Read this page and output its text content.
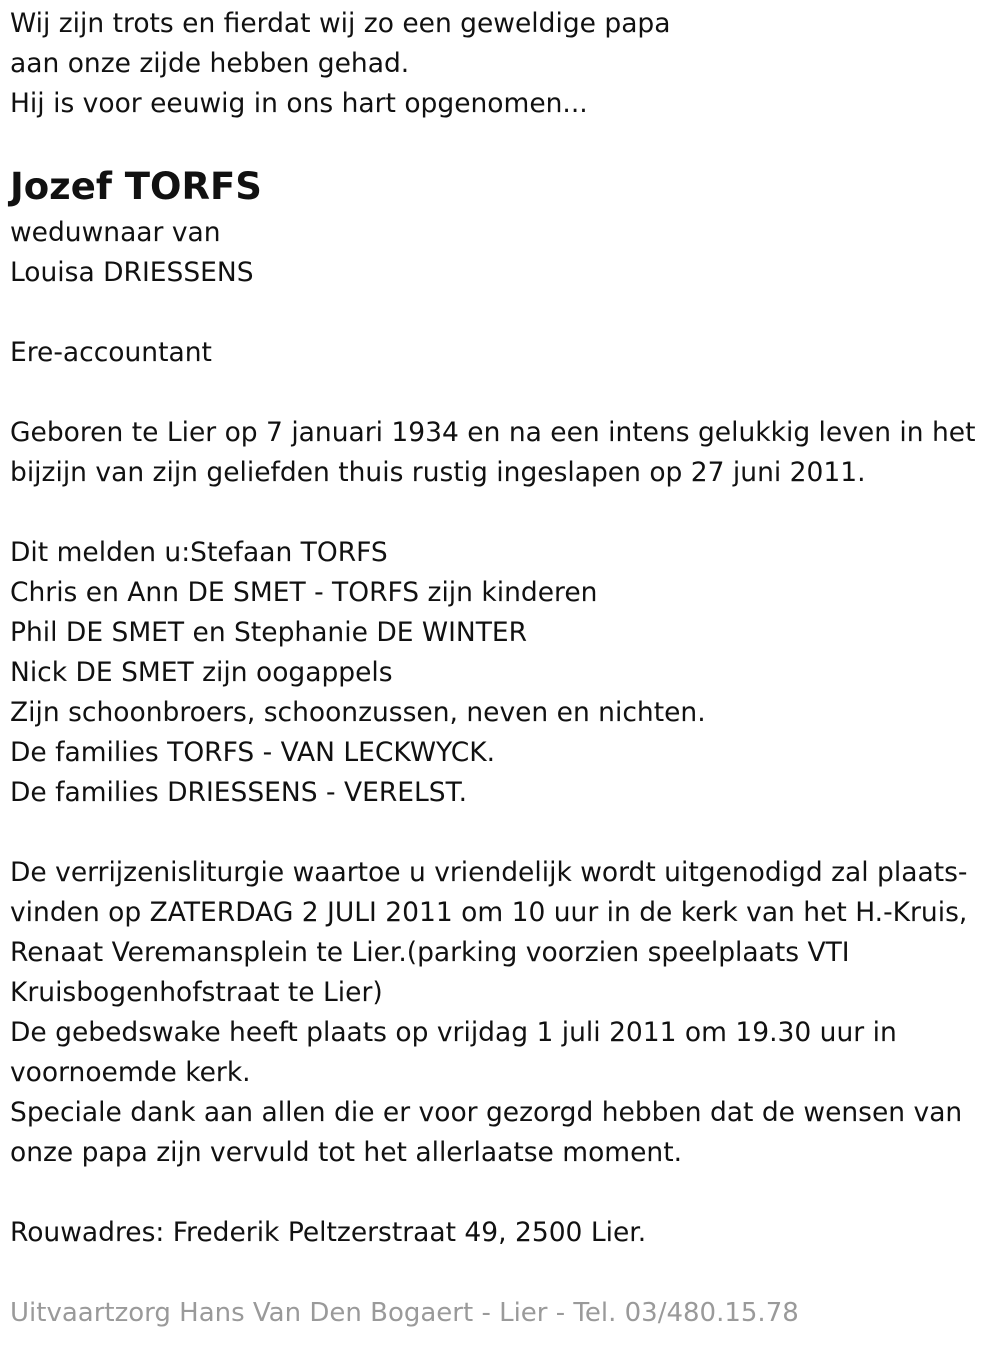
Wij zijn trots en fierdat wij zo een geweldige papa
aan onze zijde hebben gehad.
Hij is voor eeuwig in ons hart opgenomen...
Jozef TORFS
weduwnaar van
Louisa DRIESSENS
Ere-accountant
Geboren te Lier op 7 januari 1934 en na een intens gelukkig leven in het
bijzijn van zijn geliefden thuis rustig ingeslapen op 27 juni 2011.
Dit melden u:Stefaan TORFS
Chris en Ann DE SMET - TORFS zijn kinderen
Phil DE SMET en Stephanie DE WINTER
Nick DE SMET zijn oogappels
Zijn schoonbroers, schoonzussen, neven en nichten.
De families TORFS - VAN LECKWYCK.
De families DRIESSENS - VERELST.
De verrijzenisliturgie waartoe u vriendelijk wordt uitgenodigd zal plaats-
vinden op ZATERDAG 2 JULI 2011 om 10 uur in de kerk van het H.-Kruis,
Renaat Veremansplein te Lier.(parking voorzien speelplaats VTI
Kruisbogenhofstraat te Lier)
De gebedswake heeft plaats op vrijdag 1 juli 2011 om 19.30 uur in
voornoemde kerk.
Speciale dank aan allen die er voor gezorgd hebben dat de wensen van
onze papa zijn vervuld tot het allerlaatse moment.
Rouwadres: Frederik Peltzerstraat 49, 2500 Lier.
Uitvaartzorg Hans Van Den Bogaert - Lier - Tel. 03/480.15.78
